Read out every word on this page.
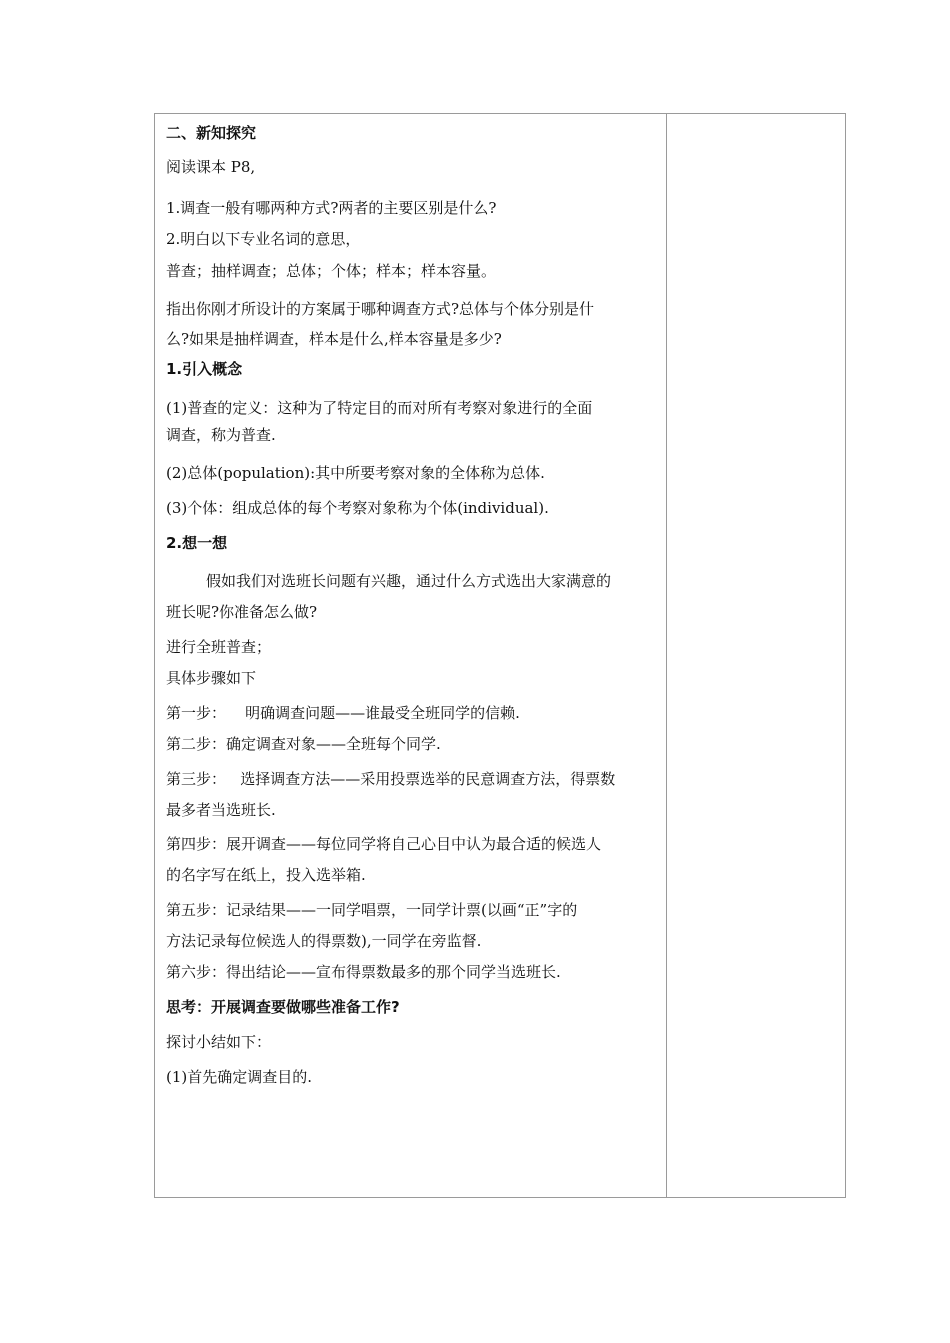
二、新知探究
阅读课本 P8,
1.调查一般有哪两种方式?两者的主要区别是什么?
2.明白以下专业名词的意思，
普查；抽样调查；总体；个体；样本；样本容量。
指出你刚才所设计的方案属于哪种调查方式?总体与个体分别是什
么?如果是抽样调查，样本是什么,样本容量是多少?
1.引入概念
(1)普查的定义：这种为了特定目的而对所有考察对象进行的全面
调查，称为普查.
(2)总体(population):其中所要考察对象的全体称为总体.
(3)个体：组成总体的每个考察对象称为个体(individual).
2.想一想
假如我们对选班长问题有兴趣，通过什么方式选出大家满意的
班长呢?你准备怎么做?
进行全班普查；
具体步骤如下
第一步：    明确调查问题——谁最受全班同学的信赖.
第二步：确定调查对象——全班每个同学.
第三步：   选择调查方法——采用投票选举的民意调查方法，得票数
最多者当选班长.
第四步：展开调查——每位同学将自己心目中认为最合适的候选人
的名字写在纸上，投入选举箱.
第五步：记录结果——一同学唱票，一同学计票(以画“正”字的
方法记录每位候选人的得票数),一同学在旁监督.
第六步：得出结论——宣布得票数最多的那个同学当选班长.
思考：开展调查要做哪些准备工作?
探讨小结如下：
(1)首先确定调查目的.
